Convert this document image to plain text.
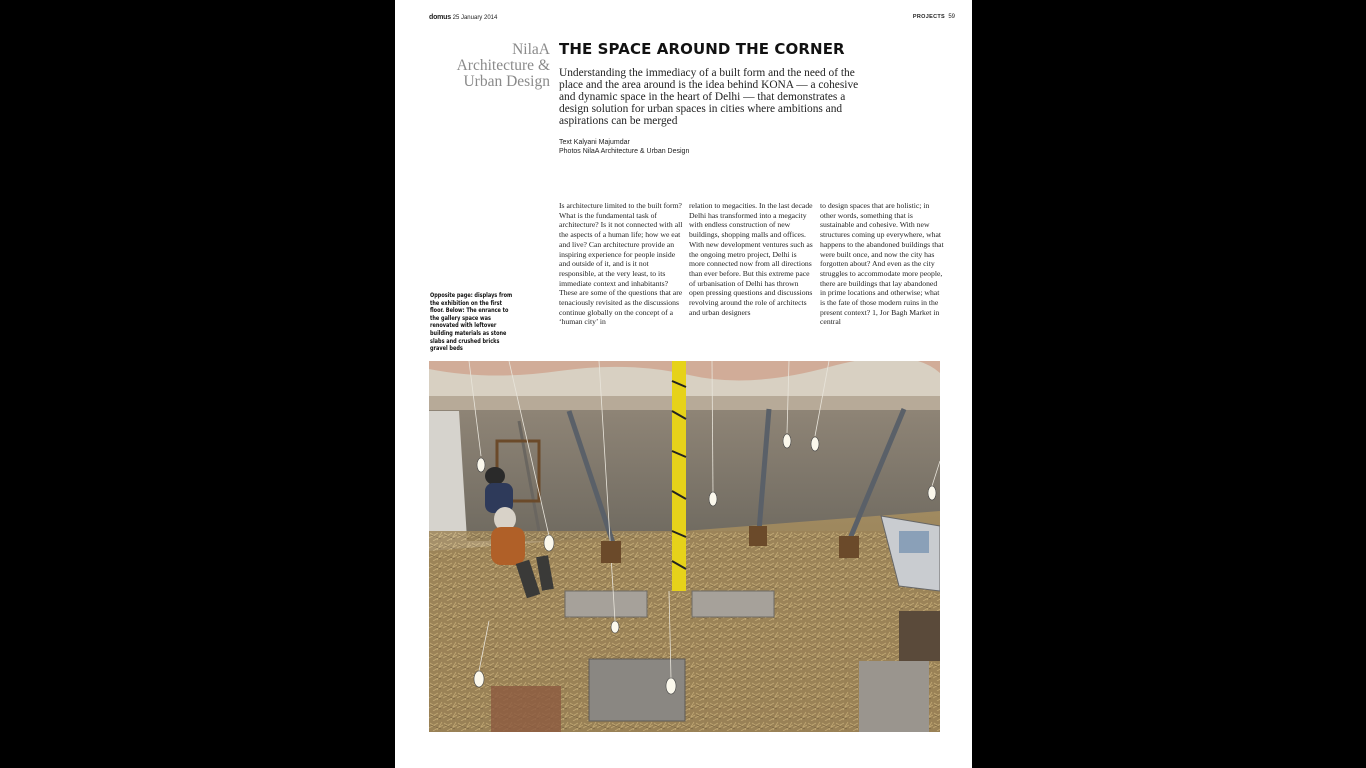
domus 25 January 2014	PROJECTS 59
NilaA
Architecture &
Urban Design
THE SPACE AROUND THE CORNER
Understanding the immediacy of a built form and the need of the place and the area around is the idea behind KONA — a cohesive and dynamic space in the heart of Delhi — that demonstrates a design solution for urban spaces in cities where ambitions and aspirations can be merged
Text Kalyani Majumdar
Photos NilaA Architecture & Urban Design
Is architecture limited to the built form? What is the fundamental task of architecture? Is it not connected with all the aspects of a human life; how we eat and live? Can architecture provide an inspiring experience for people inside and outside of it, and is it not responsible, at the very least, to its immediate context and inhabitants? These are some of the questions that are tenaciously revisited as the discussions continue globally on the concept of a ‘human city’ in
relation to megacities. In the last decade Delhi has transformed into a megacity with endless construction of new buildings, shopping malls and offices. With new development ventures such as the ongoing metro project, Delhi is more connected now from all directions than ever before. But this extreme pace of urbanisation of Delhi has thrown open pressing questions and discussions revolving around the role of architects and urban designers
to design spaces that are holistic; in other words, something that is sustainable and cohesive. With new structures coming up everywhere, what happens to the abandoned buildings that were built once, and now the city has forgotten about? And even as the city struggles to accommodate more people, there are buildings that lay abandoned in prime locations and otherwise; what is the fate of those modern ruins in the present context? 1, Jor Bagh Market in central
Opposite page: displays from the exhibition on the first floor. Below: The enrance to the gallery space was renovated with leftover building materials as stone slabs and crushed bricks gravel beds
